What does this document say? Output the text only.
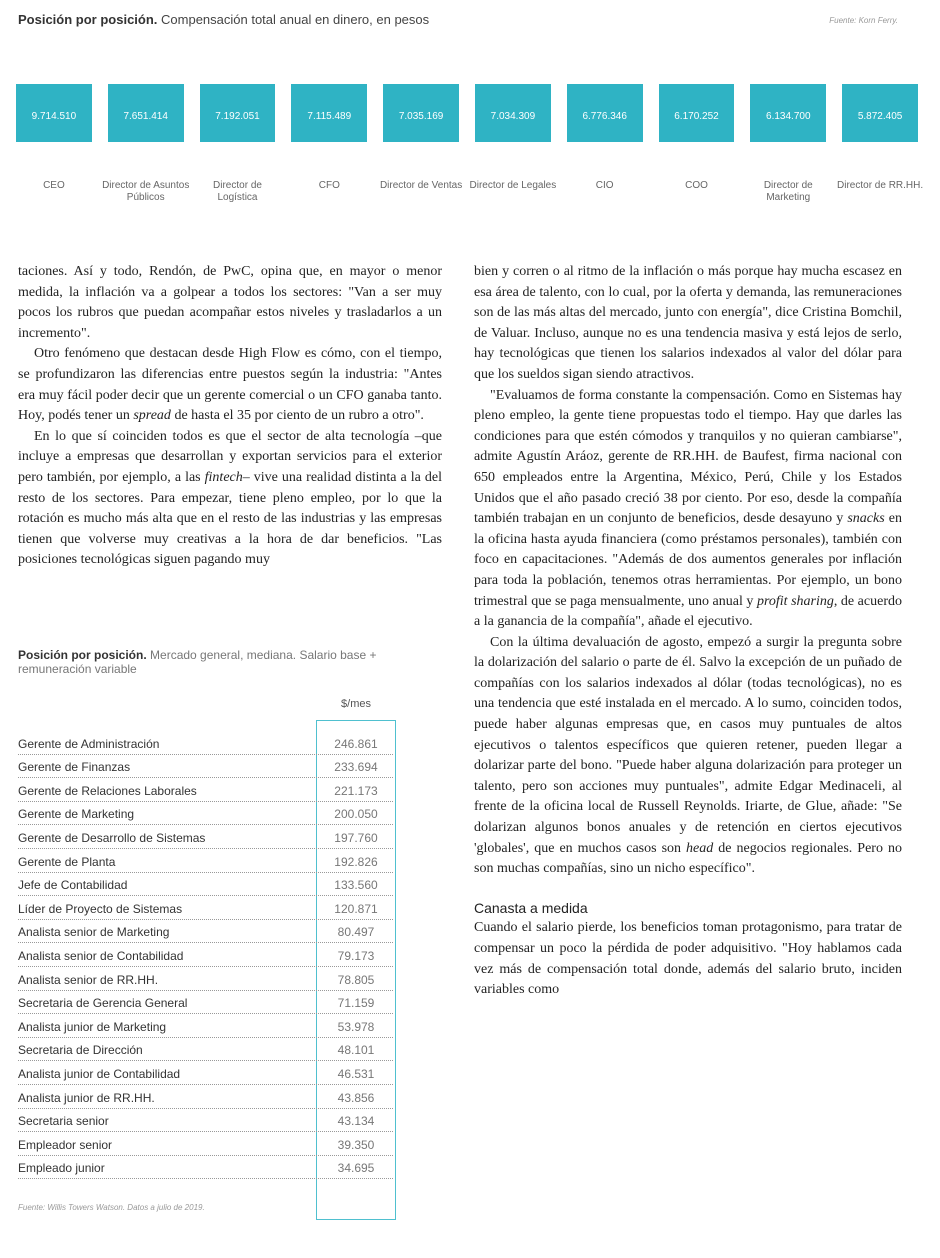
Posición por posición. Compensación total anual en dinero, en pesos	Fuente: Korn Ferry.
9.714.510
CEO
7.651.414
Director de Asuntos Públicos
7.192.051
Director de Logística
7.115.489
CFO
7.035.169
Director de Ventas
7.034.309
Director de Legales
6.776.346
CIO
6.170.252
COO
6.134.700
Director de Marketing
5.872.405
Director de RR.HH.

taciones. Así y todo, Rendón, de PwC, opina que, en mayor o menor medida, la inflación va a golpear a todos los sectores: "Van a ser muy pocos los rubros que puedan acompañar estos niveles y trasladarlos a un incremento".

Otro fenómeno que destacan desde High Flow es cómo, con el tiempo, se profundizaron las diferencias entre puestos según la industria: "Antes era muy fácil poder decir que un gerente comercial o un CFO ganaba tanto. Hoy, podés tener un spread de hasta el 35 por ciento de un rubro a otro".

En lo que sí coinciden todos es que el sector de alta tecnología –que incluye a empresas que desarrollan y exportan servicios para el exterior pero también, por ejemplo, a las fintech– vive una realidad distinta a la del resto de los sectores. Para empezar, tiene pleno empleo, por lo que la rotación es mucho más alta que en el resto de las industrias y las empresas tienen que volverse muy creativas a la hora de dar beneficios. "Las posiciones tecnológicas siguen pagando muy

bien y corren o al ritmo de la inflación o más porque hay mucha escasez en esa área de talento, con lo cual, por la oferta y demanda, las remuneraciones son de las más altas del mercado, junto con energía", dice Cristina Bomchil, de Valuar. Incluso, aunque no es una tendencia masiva y está lejos de serlo, hay tecnológicas que tienen los salarios indexados al valor del dólar para que los sueldos sigan siendo atractivos.

"Evaluamos de forma constante la compensación. Como en Sistemas hay pleno empleo, la gente tiene propuestas todo el tiempo. Hay que darles las condiciones para que estén cómodos y tranquilos y no quieran cambiarse", admite Agustín Aráoz, gerente de RR.HH. de Baufest, firma nacional con 650 empleados entre la Argentina, México, Perú, Chile y los Estados Unidos que el año pasado creció 38 por ciento. Por eso, desde la compañía también trabajan en un conjunto de beneficios, desde desayuno y snacks en la oficina hasta ayuda financiera (como préstamos personales), también con foco en capacitaciones. "Además de dos aumentos generales por inflación para toda la población, tenemos otras herramientas. Por ejemplo, un bono trimestral que se paga mensualmente, uno anual y profit sharing, de acuerdo a la ganancia de la compañía", añade el ejecutivo.

Con la última devaluación de agosto, empezó a surgir la pregunta sobre la dolarización del salario o parte de él. Salvo la excepción de un puñado de compañías con los salarios indexados al dólar (todas tecnológicas), no es una tendencia que esté instalada en el mercado. A lo sumo, coinciden todos, puede haber algunas empresas que, en casos muy puntuales de altos ejecutivos o talentos específicos que quieren retener, pueden llegar a dolarizar parte del bono. "Puede haber alguna dolarización para proteger un talento, pero son acciones muy puntuales", admite Edgar Medinaceli, al frente de la oficina local de Russell Reynolds. Iriarte, de Glue, añade: "Se dolarizan algunos bonos anuales y de retención en ciertos ejecutivos 'globales', que en muchos casos son head de negocios regionales. Pero no son muchas compañías, sino un nicho específico".

Canasta a medida

Cuando el salario pierde, los beneficios toman protagonismo, para tratar de compensar un poco la pérdida de poder adquisitivo. "Hoy hablamos cada vez más de compensación total donde, además del salario bruto, inciden variables como

Posición por posición. Mercado general, mediana. Salario base + remuneración variable
$/mes
Gerente de Administración	246.861
Gerente de Finanzas	233.694
Gerente de Relaciones Laborales	221.173
Gerente de Marketing	200.050
Gerente de Desarrollo de Sistemas	197.760
Gerente de Planta	192.826
Jefe de Contabilidad	133.560
Líder de Proyecto de Sistemas	120.871
Analista senior de Marketing	80.497
Analista senior de Contabilidad	79.173
Analista senior de RR.HH.	78.805
Secretaria de Gerencia General	71.159
Analista junior de Marketing	53.978
Secretaria de Dirección	48.101
Analista junior de Contabilidad	46.531
Analista junior de RR.HH.	43.856
Secretaria senior	43.134
Empleador senior	39.350
Empleado junior	34.695
Fuente: Willis Towers Watson. Datos a julio de 2019.
